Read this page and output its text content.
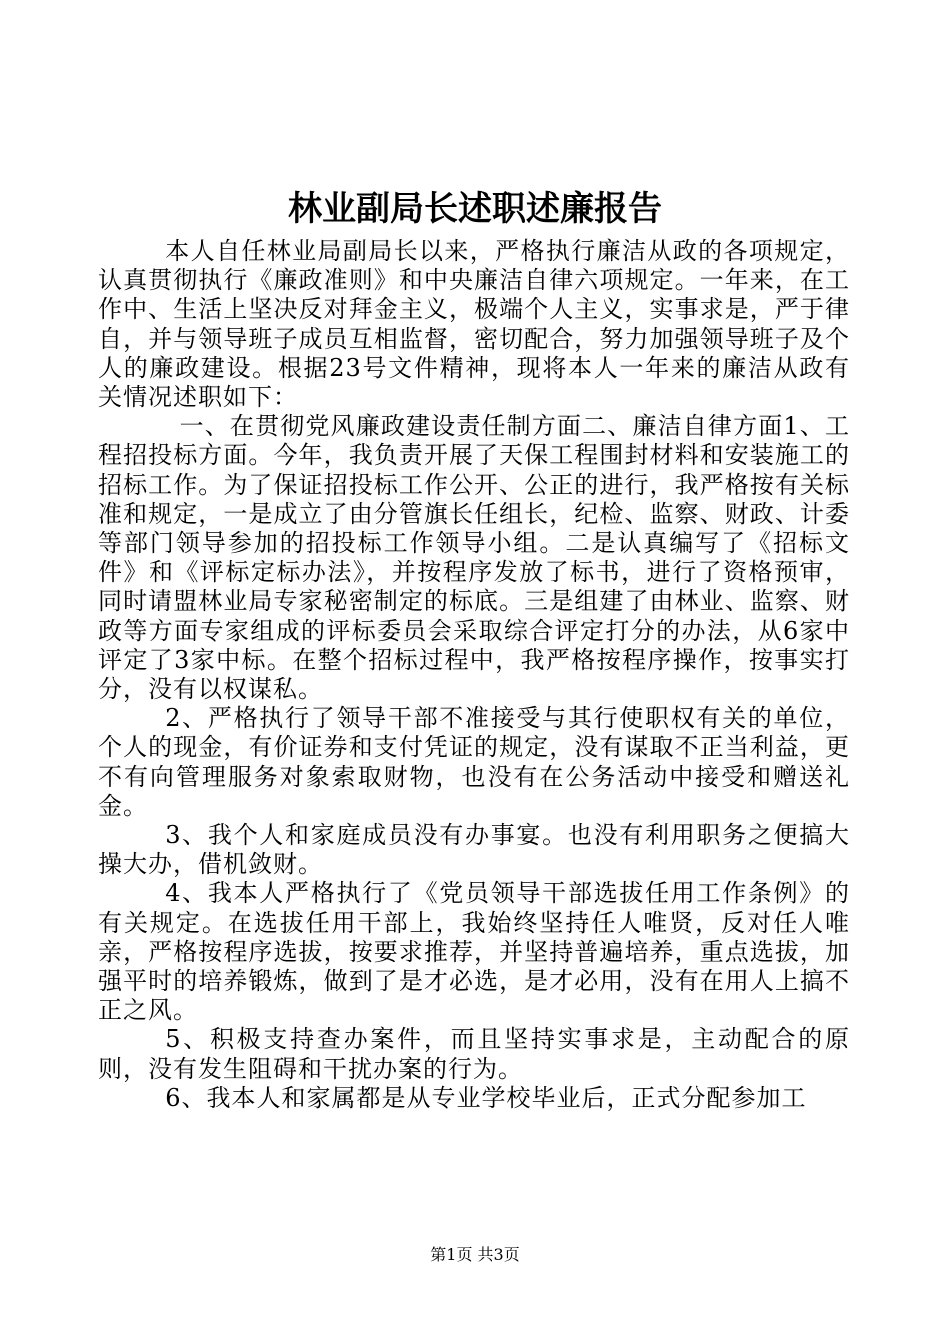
林业副局长述职述廉报告

本人自任林业局副局长以来，严格执行廉洁从政的各项规定，认真贯彻执行《廉政准则》和中央廉洁自律六项规定。一年来，在工作中、生活上坚决反对拜金主义，极端个人主义，实事求是，严于律自，并与领导班子成员互相监督，密切配合，努力加强领导班子及个人的廉政建设。根据23号文件精神，现将本人一年来的廉洁从政有关情况述职如下：

一、在贯彻党风廉政建设责任制方面二、廉洁自律方面1、工程招投标方面。今年，我负责开展了天保工程围封材料和安装施工的招标工作。为了保证招投标工作公开、公正的进行，我严格按有关标准和规定，一是成立了由分管旗长任组长，纪检、监察、财政、计委等部门领导参加的招投标工作领导小组。二是认真编写了《招标文件》和《评标定标办法》，并按程序发放了标书，进行了资格预审，同时请盟林业局专家秘密制定的标底。三是组建了由林业、监察、财政等方面专家组成的评标委员会采取综合评定打分的办法，从6家中评定了3家中标。在整个招标过程中，我严格按程序操作，按事实打分，没有以权谋私。

2、严格执行了领导干部不准接受与其行使职权有关的单位，个人的现金，有价证券和支付凭证的规定，没有谋取不正当利益，更不有向管理服务对象索取财物，也没有在公务活动中接受和赠送礼金。

3、我个人和家庭成员没有办事宴。也没有利用职务之便搞大操大办，借机敛财。

4、我本人严格执行了《党员领导干部选拔任用工作条例》的有关规定。在选拔任用干部上，我始终坚持任人唯贤，反对任人唯亲，严格按程序选拔，按要求推荐，并坚持普遍培养，重点选拔，加强平时的培养锻炼，做到了是才必选，是才必用，没有在用人上搞不正之风。

5、积极支持查办案件，而且坚持实事求是，主动配合的原则，没有发生阻碍和干扰办案的行为。

6、我本人和家属都是从专业学校毕业后，正式分配参加工

第1页 共3页
